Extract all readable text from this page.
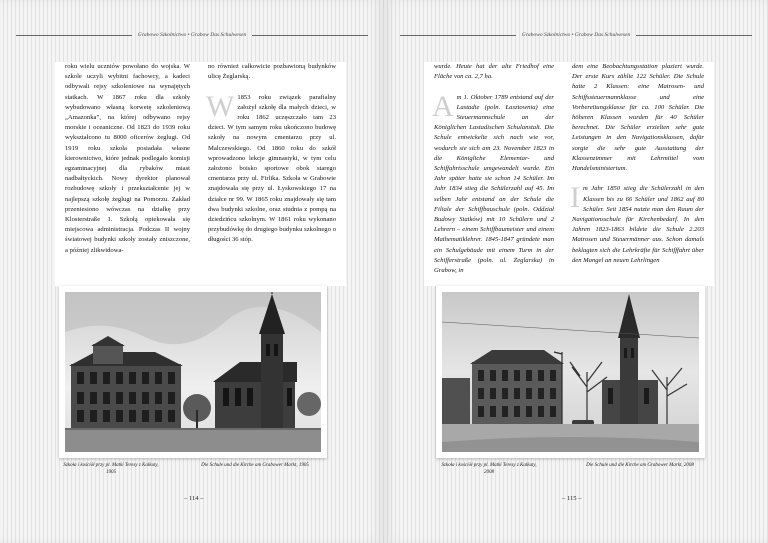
Grabowo Szkolnictwo • Grabow Das Schulwesen

roku wielu uczniów powołano do wojska. W szkole uczyli wybitni fachowcy, a kadeci odbywali rejsy szkoleniowe na wynajętych statkach. W 1867 roku dla szkoły wybudowano własną korwetę szkoleniową „Amazonka”, na której odbywano rejsy morskie i oceaniczne. Od 1823 do 1939 roku wykształcono tu 8000 oficerów żeglugi. Od 1919 roku szkoła posiadała własne kierownictwo, które jednak podlegało komisji egzaminacyjnej dla rybaków miast nadbałtyckich. Nowy dyrektor planował rozbudowę szkoły i przekształcenie jej w najlepszą szkołę żeglugi na Pomorzu. Zakład przeniesiono wówczas na działkę przy Klosterstraße 1. Szkołą opiekowała się miejscowa administracja. Podczas II wojny światowej budynki szkoły zostały zniszczone, a później zlikwidowa-

no również całkowicie pozbawioną budynków ulicę Żeglarską.

W 1853 roku związek parafialny założył szkołę dla małych dzieci, w roku 1862 uczęszczało tam 23 dzieci. W tym samym roku ukończono budowę szkoły na nowym cmentarzu przy ul. Malczewskiego. Od 1860 roku do szkół wprowadzono lekcje gimnastyki, w tym celu założono boisko sportowe obok starego cmentarza przy ul. Firlika. Szkoła w Grabowie znajdowała się przy ul. Łyskowskiego 17 na działce nr 99. W 1865 roku znajdowały się tam dwa budynki szkolne, oraz studnia z pompą na dziedzińcu szkolnym. W 1861 roku wykonano przybudówkę do drugiego budynku szkolnego o długości 36 stóp.

Szkoła i kościół przy pl. Matki Teresy z Kalkuty, 1905
Die Schule und die Kirche am Grabower Markt, 1905
– 114 –
Grabowo Szkolnictwo • Grabow Das Schulwesen

wurde. Heute hat der alte Friedhof eine Fläche von ca. 2,7 ha.

Am 1. Oktober 1789 entstand auf der Lastadie (poln. Łasztownia) eine Steuermannschule an der Königlichen Lastadischen Schulanstalt. Die Schule entwickelte sich nach wie vor, wodurch sie sich am 23. November 1823 in die Königliche Elementar- und Schiffahrtsschule umgewandelt wurde. Ein Jahr später hatte sie schon 14 Schüler. Im Jahr 1834 stieg die Schülerzahl auf 45. Im selben Jahr entstand an der Schule die Filiale der Schiffbauschule (poln. Oddział Budowy Statków) mit 10 Schülern und 2 Lehrern – einem Schiffbaumeister und einem Mathematiklehrer. 1845-1847 gründete man ein Schulgebäude mit einem Turm in der Schifferstraße (poln. ul. Żeglarska) in Grabow, in

dem eine Beobachtungsstation plaziert wurde. Der erste Kurs zählte 122 Schüler. Die Schule hatte 2 Klassen: eine Matrosen- und Schiffssteuermannklasse und eine Vorbereitungsklasse für ca. 100 Schüler. Die höheren Klassen wurden für 40 Schüler berechnet. Die Schüler erzielten sehr gute Leistungen in den Navigationsklassen, dafür sorgte die sehr gute Ausstattung der Klassenzimmer mit Lehrmittel vom Handelsministerium.

Im Jahr 1850 stieg die Schülerzahl in den Klassen bis zu 66 Schüler und 1862 auf 80 Schüler. Seit 1854 nutzte man den Raum der Navigationsschule für Kirchenbedarf. In den Jahren 1823-1863 bildete die Schule 2.203 Matrosen und Steuermänner aus. Schon damals beklagten sich die Lehrkräfte für Schifffahrt über den Mangel an neuen Lehrlingen

Szkoła i kościół przy pl. Matki Teresy z Kalkuty, 2008
Die Schule und die Kirche am Grabower Markt, 2008
– 115 –
